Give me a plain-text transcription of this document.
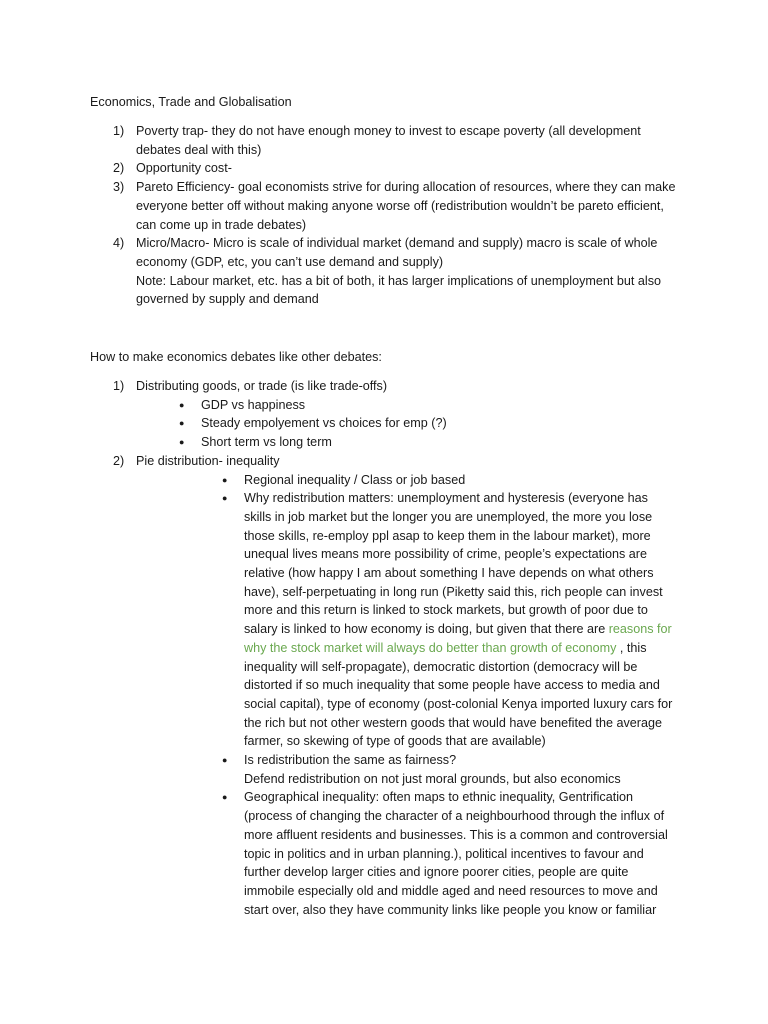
Economics, Trade and Globalisation
1) Poverty trap- they do not have enough money to invest to escape poverty (all development debates deal with this)
2) Opportunity cost-
3) Pareto Efficiency- goal economists strive for during allocation of resources, where they can make everyone better off without making anyone worse off (redistribution wouldn’t be pareto efficient, can come up in trade debates)
4) Micro/Macro- Micro is scale of individual market (demand and supply) macro is scale of whole economy (GDP, etc, you can’t use demand and supply)
Note: Labour market, etc. has a bit of both, it has larger implications of unemployment but also governed by supply and demand
How to make economics debates like other debates:
1) Distributing goods, or trade (is like trade-offs)
● GDP vs happiness
● Steady empolyement vs choices for emp (?)
● Short term vs long term
2) Pie distribution- inequality
● Regional inequality / Class or job based
● Why redistribution matters: unemployment and hysteresis (everyone has skills in job market but the longer you are unemployed, the more you lose those skills, re-employ ppl asap to keep them in the labour market), more unequal lives means more possibility of crime, people’s expectations are relative (how happy I am about something I have depends on what others have), self-perpetuating in long run (Piketty said this, rich people can invest more and this return is linked to stock markets, but growth of poor due to salary is linked to how economy is doing, but given that there are reasons for why the stock market will always do better than growth of economy , this inequality will self-propagate), democratic distortion (democracy will be distorted if so much inequality that some people have access to media and social capital), type of economy (post-colonial Kenya imported luxury cars for the rich but not other western goods that would have benefited the average farmer, so skewing of type of goods that are available)
● Is redistribution the same as fairness?
Defend redistribution on not just moral grounds, but also economics
● Geographical inequality: often maps to ethnic inequality, Gentrification (process of changing the character of a neighbourhood through the influx of more affluent residents and businesses. This is a common and controversial topic in politics and in urban planning.), political incentives to favour and further develop larger cities and ignore poorer cities, people are quite immobile especially old and middle aged and need resources to move and start over, also they have community links like people you know or familiar
